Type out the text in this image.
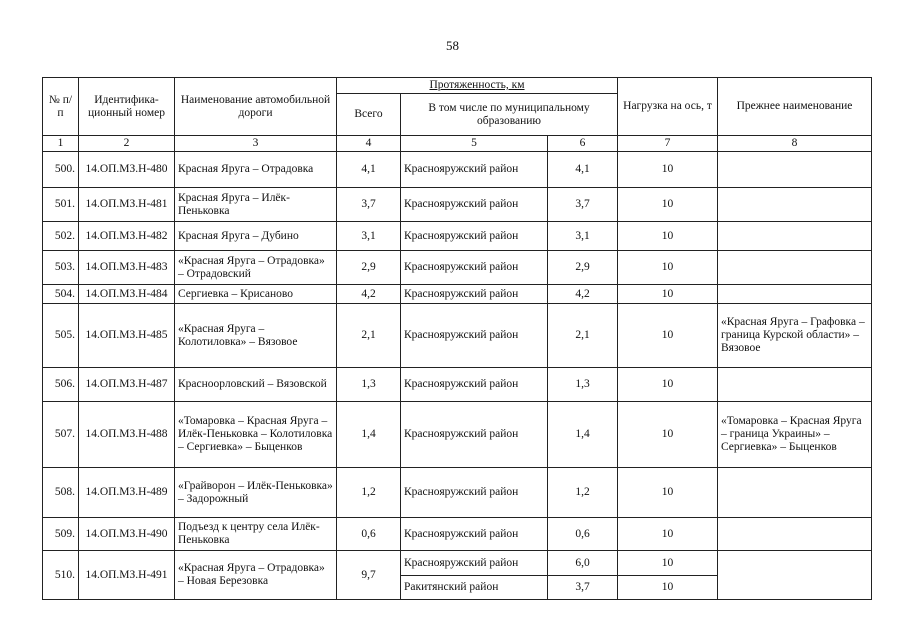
58
№ п/п	Идентифика- ционный номер	Наименование автомобильной дороги	Протяженность, км			Нагрузка на ось, т	Прежнее наименование
			Всего	В том числе по муниципальному образованию			
1	2	3	4	5	6	7	8
500.	14.ОП.МЗ.Н-480	Красная Яруга – Отрадовка	4,1	Краснояружский район	4,1	10	
501.	14.ОП.МЗ.Н-481	Красная Яруга – Илёк-Пеньковка	3,7	Краснояружский район	3,7	10	
502.	14.ОП.МЗ.Н-482	Красная Яруга – Дубино	3,1	Краснояружский район	3,1	10	
503.	14.ОП.МЗ.Н-483	«Красная Яруга – Отрадовка» – Отрадовский	2,9	Краснояружский район	2,9	10	
504.	14.ОП.МЗ.Н-484	Сергиевка – Крисаново	4,2	Краснояружский район	4,2	10	
505.	14.ОП.МЗ.Н-485	«Красная Яруга – Колотиловка» – Вязовое	2,1	Краснояружский район	2,1	10	«Красная Яруга – Графовка – граница Курской области» – Вязовое
506.	14.ОП.МЗ.Н-487	Красноорловский – Вязовской	1,3	Краснояружский район	1,3	10	
507.	14.ОП.МЗ.Н-488	«Томаровка – Красная Яруга – Илёк-Пеньковка – Колотиловка – Сергиевка» – Быценков	1,4	Краснояружский район	1,4	10	«Томаровка – Красная Яруга – граница Украины» – Сергиевка» – Быценков
508.	14.ОП.МЗ.Н-489	«Грайворон – Илёк-Пеньковка» – Задорожный	1,2	Краснояружский район	1,2	10	
509.	14.ОП.МЗ.Н-490	Подъезд к центру села Илёк-Пеньковка	0,6	Краснояружский район	0,6	10	
510.	14.ОП.МЗ.Н-491	«Красная Яруга – Отрадовка» – Новая Березовка	9,7	Краснояружский район	6,0	10	
				Ракитянский район	3,7	10	
